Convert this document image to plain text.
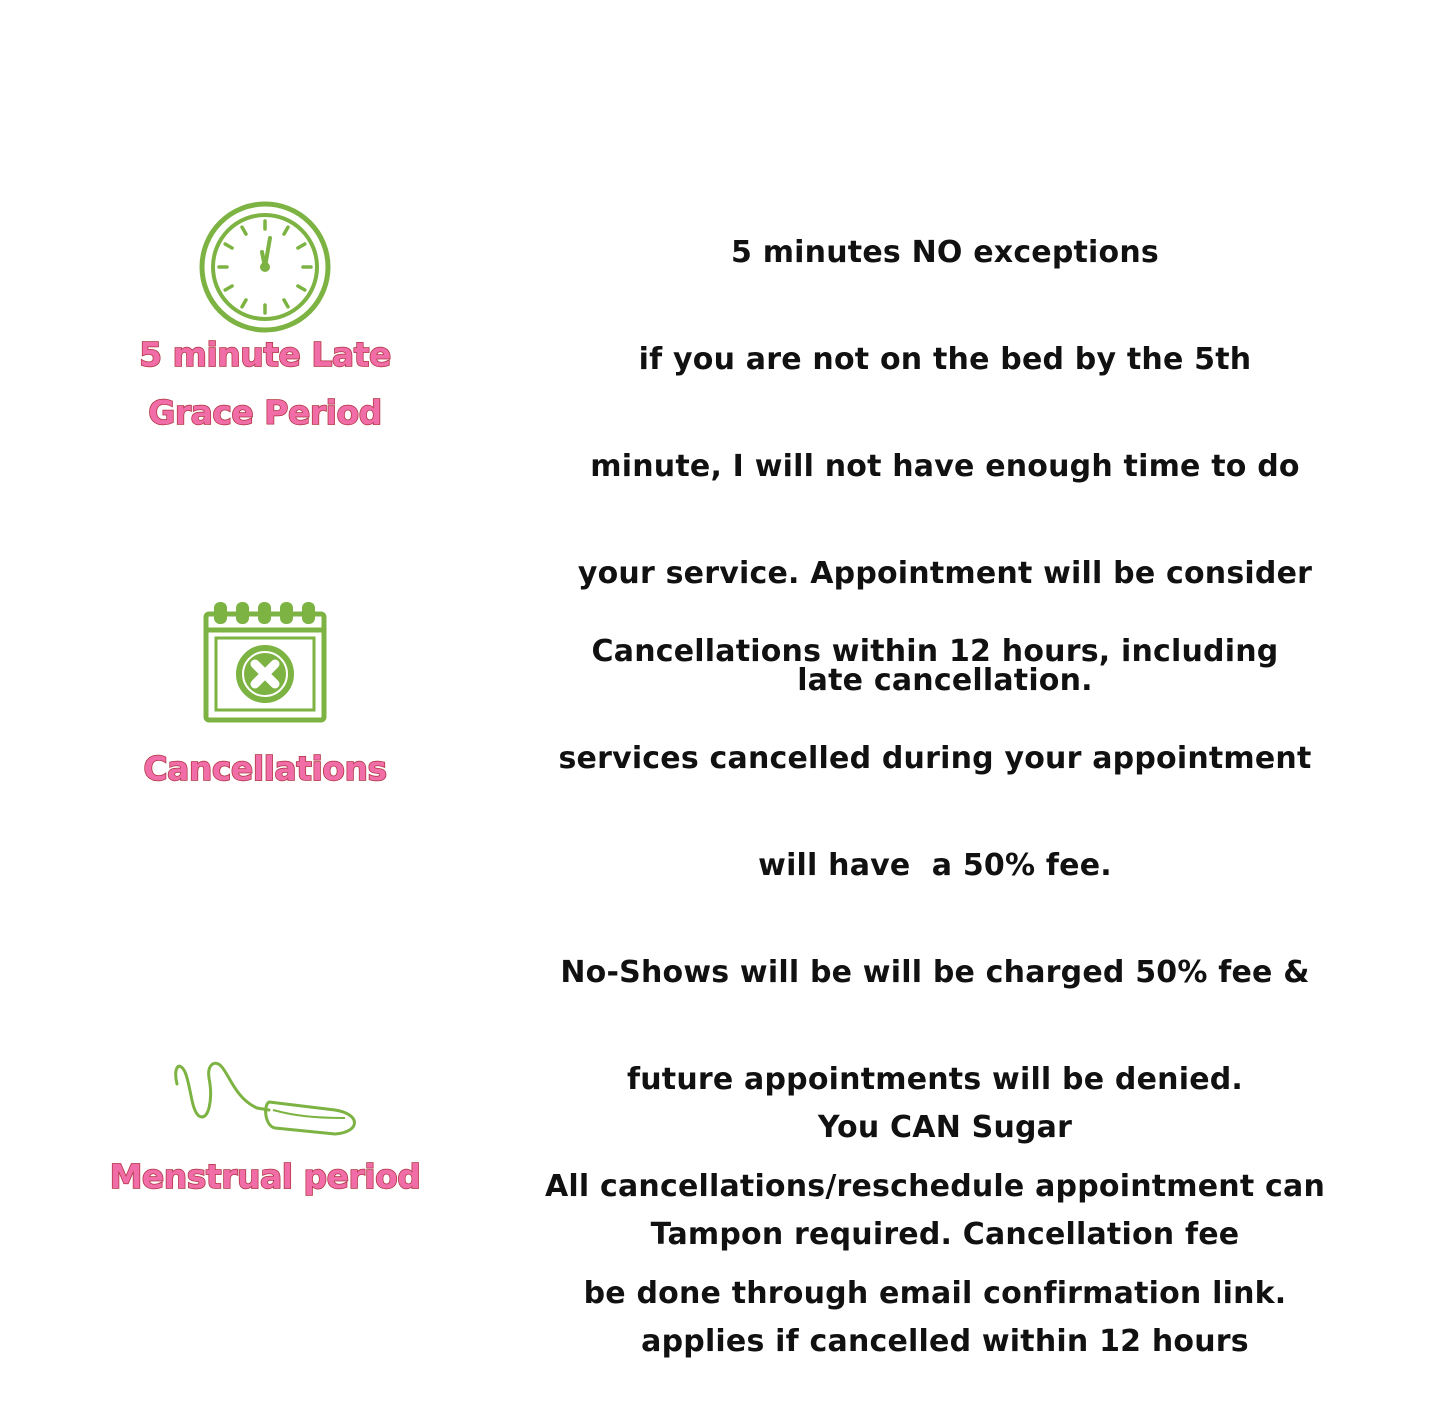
5 minute Late
Grace Period

5 minutes NO exceptions

if you are not on the bed by the 5th

minute, I will not have enough time to do

your service. Appointment will be consider

late cancellation.

Cancellations

Cancellations within 12 hours, including

services cancelled during your appointment

will have  a 50% fee.

No-Shows will be will be charged 50% fee &

future appointments will be denied.

All cancellations/reschedule appointment can

be done through email confirmation link.

Menstrual period

You CAN Sugar

Tampon required. Cancellation fee

applies if cancelled within 12 hours
